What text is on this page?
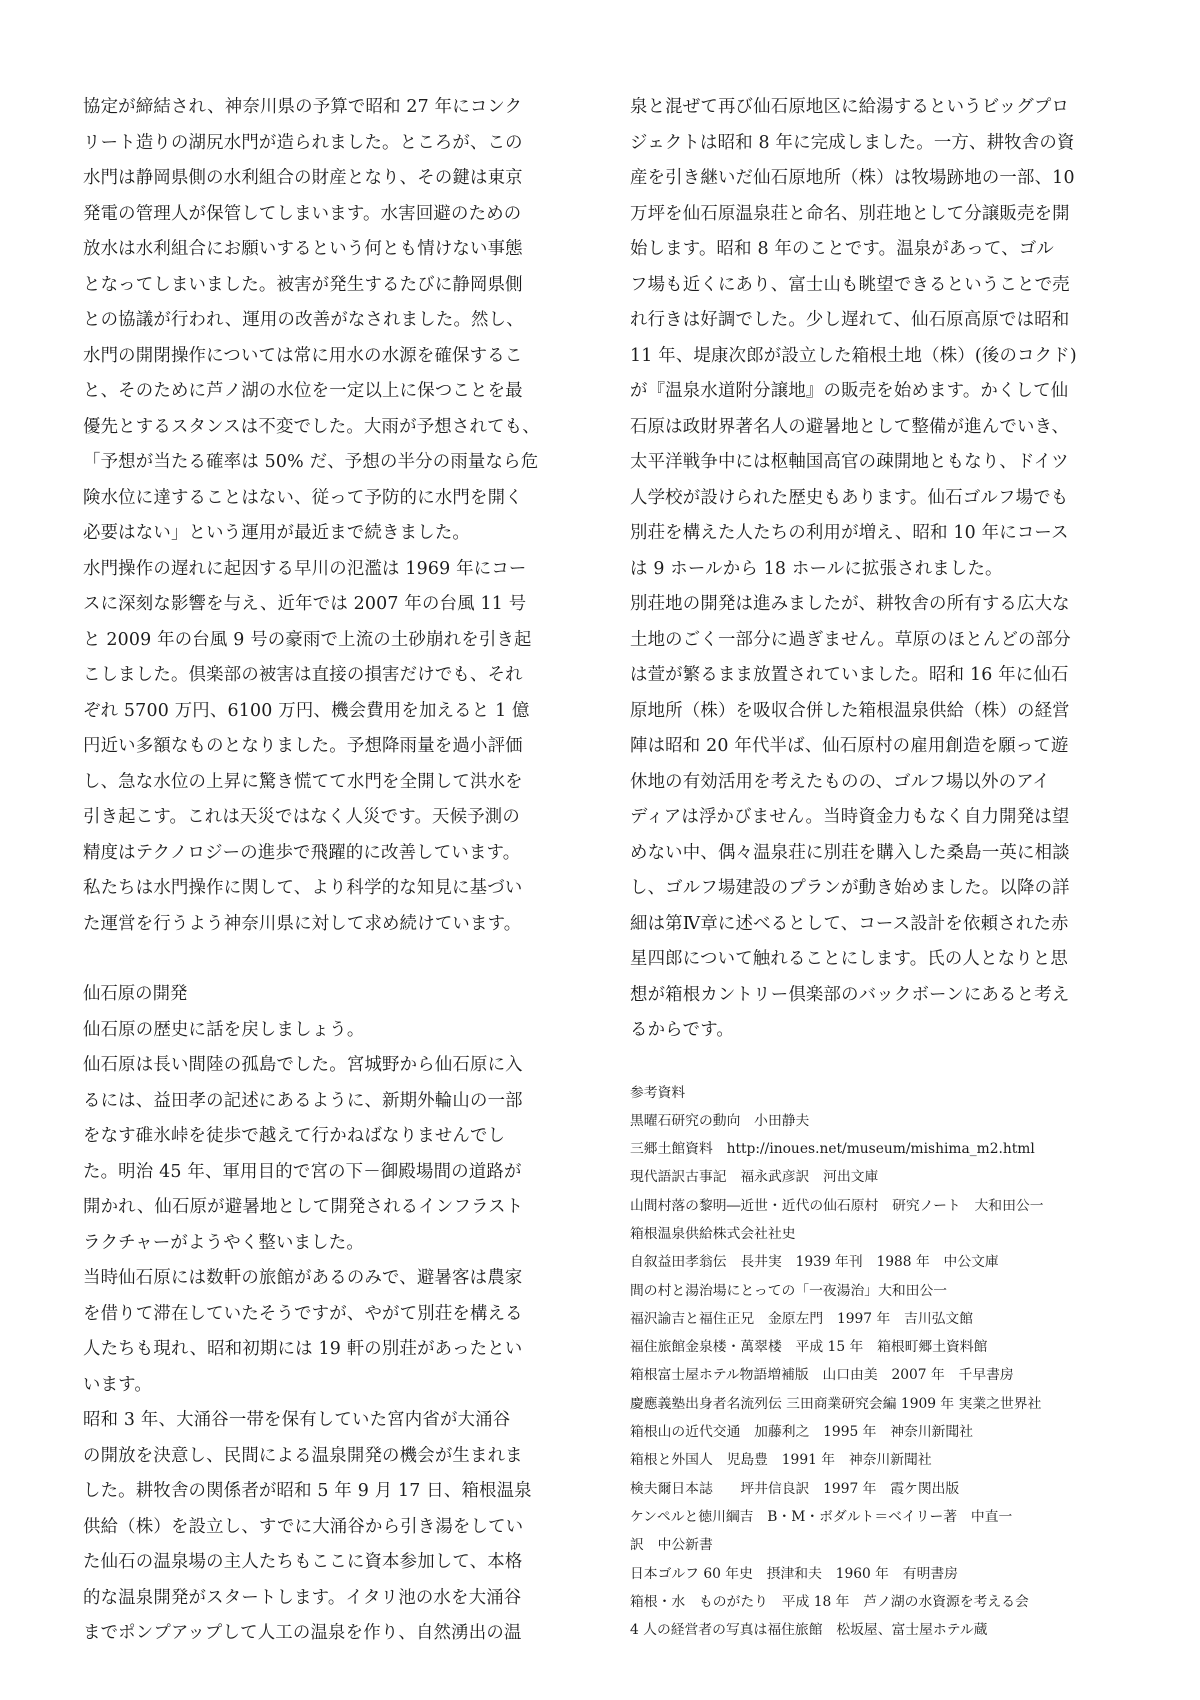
協定が締結され、神奈川県の予算で昭和 27 年にコンク
リート造りの湖尻水門が造られました。ところが、この
水門は静岡県側の水利組合の財産となり、その鍵は東京
発電の管理人が保管してしまいます。水害回避のための
放水は水利組合にお願いするという何とも情けない事態
となってしまいました。被害が発生するたびに静岡県側
との協議が行われ、運用の改善がなされました。然し、
水門の開閉操作については常に用水の水源を確保するこ
と、そのために芦ノ湖の水位を一定以上に保つことを最
優先とするスタンスは不変でした。大雨が予想されても、
「予想が当たる確率は 50% だ、予想の半分の雨量なら危
険水位に達することはない、従って予防的に水門を開く
必要はない」という運用が最近まで続きました。
水門操作の遅れに起因する早川の氾濫は 1969 年にコー
スに深刻な影響を与え、近年では 2007 年の台風 11 号
と 2009 年の台風 9 号の豪雨で上流の土砂崩れを引き起
こしました。倶楽部の被害は直接の損害だけでも、それ
ぞれ 5700 万円、6100 万円、機会費用を加えると 1 億
円近い多額なものとなりました。予想降雨量を過小評価
し、急な水位の上昇に驚き慌てて水門を全開して洪水を
引き起こす。これは天災ではなく人災です。天候予測の
精度はテクノロジーの進歩で飛躍的に改善しています。
私たちは水門操作に関して、より科学的な知見に基づい
た運営を行うよう神奈川県に対して求め続けています。
仙石原の開発
仙石原の歴史に話を戻しましょう。
仙石原は長い間陸の孤島でした。宮城野から仙石原に入
るには、益田孝の記述にあるように、新期外輪山の一部
をなす碓氷峠を徒歩で越えて行かねばなりませんでし
た。明治 45 年、軍用目的で宮の下－御殿場間の道路が
開かれ、仙石原が避暑地として開発されるインフラスト
ラクチャーがようやく整いました。
当時仙石原には数軒の旅館があるのみで、避暑客は農家
を借りて滞在していたそうですが、やがて別荘を構える
人たちも現れ、昭和初期には 19 軒の別荘があったとい
います。
昭和 3 年、大涌谷一帯を保有していた宮内省が大涌谷
の開放を決意し、民間による温泉開発の機会が生まれま
した。耕牧舎の関係者が昭和 5 年 9 月 17 日、箱根温泉
供給（株）を設立し、すでに大涌谷から引き湯をしてい
た仙石の温泉場の主人たちもここに資本参加して、本格
的な温泉開発がスタートします。イタリ池の水を大涌谷
までポンプアップして人工の温泉を作り、自然湧出の温
泉と混ぜて再び仙石原地区に給湯するというビッグプロ
ジェクトは昭和 8 年に完成しました。一方、耕牧舎の資
産を引き継いだ仙石原地所（株）は牧場跡地の一部、10
万坪を仙石原温泉荘と命名、別荘地として分譲販売を開
始します。昭和 8 年のことです。温泉があって、ゴル
フ場も近くにあり、富士山も眺望できるということで売
れ行きは好調でした。少し遅れて、仙石原高原では昭和
11 年、堤康次郎が設立した箱根土地（株）(後のコクド)
が『温泉水道附分譲地』の販売を始めます。かくして仙
石原は政財界著名人の避暑地として整備が進んでいき、
太平洋戦争中には枢軸国高官の疎開地ともなり、ドイツ
人学校が設けられた歴史もあります。仙石ゴルフ場でも
別荘を構えた人たちの利用が増え、昭和 10 年にコース
は 9 ホールから 18 ホールに拡張されました。
別荘地の開発は進みましたが、耕牧舎の所有する広大な
土地のごく一部分に過ぎません。草原のほとんどの部分
は萱が繁るまま放置されていました。昭和 16 年に仙石
原地所（株）を吸収合併した箱根温泉供給（株）の経営
陣は昭和 20 年代半ば、仙石原村の雇用創造を願って遊
休地の有効活用を考えたものの、ゴルフ場以外のアイ
ディアは浮かびません。当時資金力もなく自力開発は望
めない中、偶々温泉荘に別荘を購入した桑島一英に相談
し、ゴルフ場建設のプランが動き始めました。以降の詳
細は第Ⅳ章に述べるとして、コース設計を依頼された赤
星四郎について触れることにします。氏の人となりと思
想が箱根カントリー倶楽部のバックボーンにあると考え
るからです。
参考資料
黒曜石研究の動向　小田静夫
三郷土館資料　http://inoues.net/museum/mishima_m2.html
現代語訳古事記　福永武彦訳　河出文庫
山間村落の黎明―近世・近代の仙石原村　研究ノート　大和田公一
箱根温泉供給株式会社社史
自叙益田孝翁伝　長井実　1939 年刊　1988 年　中公文庫
間の村と湯治場にとっての「一夜湯治」大和田公一
福沢諭吉と福住正兄　金原左門　1997 年　吉川弘文館
福住旅館金泉楼・萬翠楼　平成 15 年　箱根町郷土資料館
箱根富士屋ホテル物語増補版　山口由美　2007 年　千早書房
慶應義塾出身者名流列伝 三田商業研究会編 1909 年 実業之世界社
箱根山の近代交通　加藤利之　1995 年　神奈川新聞社
箱根と外国人　児島豊　1991 年　神奈川新聞社
検夫爾日本誌　　坪井信良訳　1997 年　霞ケ関出版
ケンペルと徳川綱吉　B・M・ボダルト＝ベイリー著　中直一
訳　中公新書
日本ゴルフ 60 年史　摂津和夫　1960 年　有明書房
箱根・水　ものがたり　平成 18 年　芦ノ湖の水資源を考える会
4 人の経営者の写真は福住旅館　松坂屋、富士屋ホテル蔵
